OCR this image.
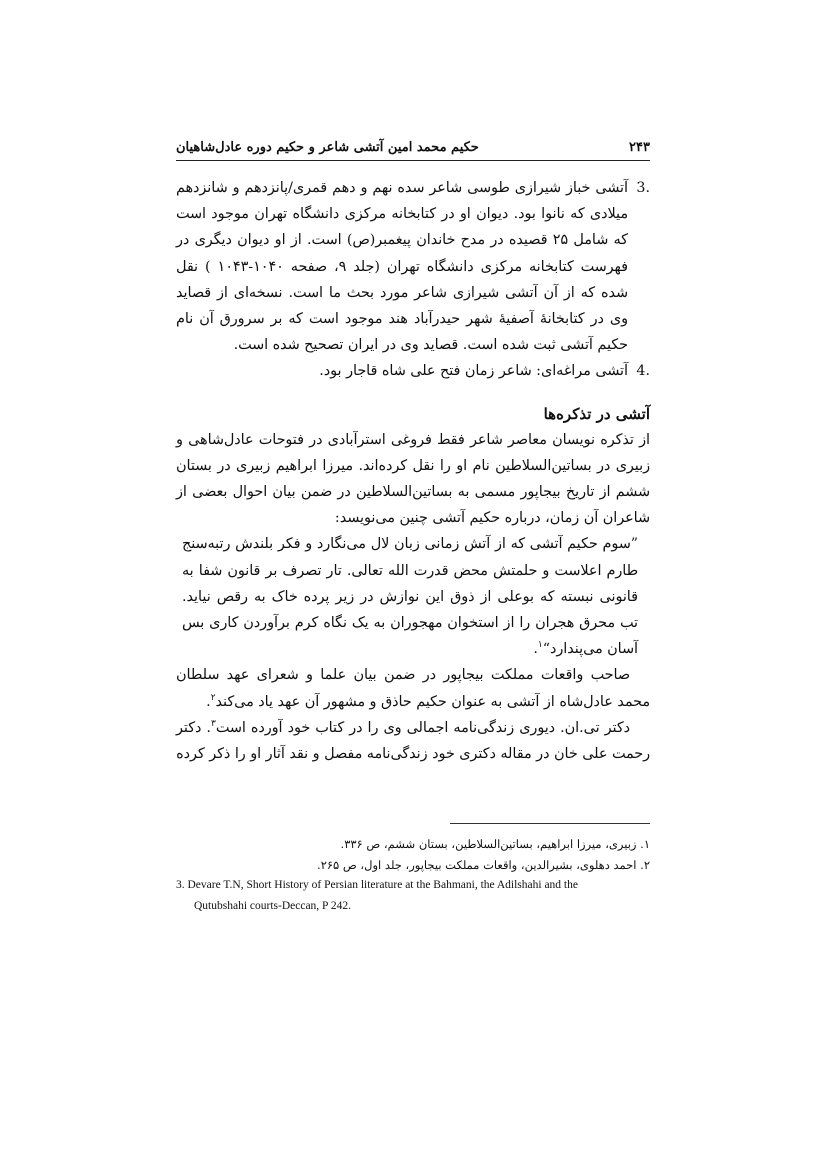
۲۴۳
حکیم محمد امین آتشی شاعر و حکیم دوره عادل‌شاهیان
3.
آتشی خباز شیرازی طوسی شاعر سده نهم و دهم قمری/پانزدهم و شانزدهم میلادی که نانوا بود. دیوان او در کتابخانه مرکزی دانشگاه تهران موجود است که شامل ۲۵ قصیده در مدح خاندان پیغمبر(ص) است. از او دیوان دیگری در فهرست کتابخانه مرکزی دانشگاه تهران (جلد ۹، صفحه ۱۰۴۰-۱۰۴۳ ) نقل شده که از آن آتشی شیرازی شاعر مورد بحث ما است. نسخه‌ای از قصاید وی در کتابخانۀ آصفیۀ شهر حیدرآباد هند موجود است که بر سرورق آن نام حکیم آتشی ثبت شده است. قصاید وی در ایران تصحیح شده است.
4.
آتشی مراغه‌ای: شاعر زمان فتح علی شاه قاجار بود.
آتشی در تذکره‌ها

از تذکره نویسان معاصر شاعر فقط فروغی استرآبادی در فتوحات عادل‌شاهی و زبیری در بساتین‌السلاطین نام او را نقل کرده‌اند. میرزا ابراهیم زبیری در بستان ششم از تاریخ بیجاپور مسمی به بساتین‌السلاطین در ضمن بیان احوال بعضی از شاعران آن زمان، درباره حکیم آتشی چنین می‌نویسد:

”سوم حکیم آتشی که از آتش زمانی زبان لال می‌نگارد و فکر بلندش رتبه‌سنج طارم اعلاست و حلمتش محض قدرت الله تعالی. تار تصرف بر قانون شفا به قانونی نبسته که بوعلی از ذوق این نوازش در زیر پرده خاک به رقص نیاید. تب محرق هجران را از استخوان مهجوران به یک نگاه کرم برآوردن کاری بس آسان می‌پندارد“$^۱$.

صاحب واقعات مملکت بیجاپور در ضمن بیان علما و شعرای عهد سلطان محمد عادل‌شاه از آتشی به عنوان حکیم حاذق و مشهور آن عهد یاد می‌کند$^۲$.

دکتر تی.ان. دیوری زندگی‌نامه اجمالی وی را در کتاب خود آورده است$^۳$. دکتر رحمت علی خان در مقاله دکتری خود زندگی‌نامه مفصل و نقد آثار او را ذکر کرده

۱. زبیری، میرزا ابراهیم، بساتین‌السلاطین، بستان ششم، ص ۳۳۶.
۲. احمد دهلوی، بشیرالدین، واقعات مملکت بیجاپور، جلد اول، ص ۲۶۵.
3. Devare T.N, Short History of Persian literature at the Bahmani, the Adilshahi and the
Qutubshahi courts-Deccan, P 242.
